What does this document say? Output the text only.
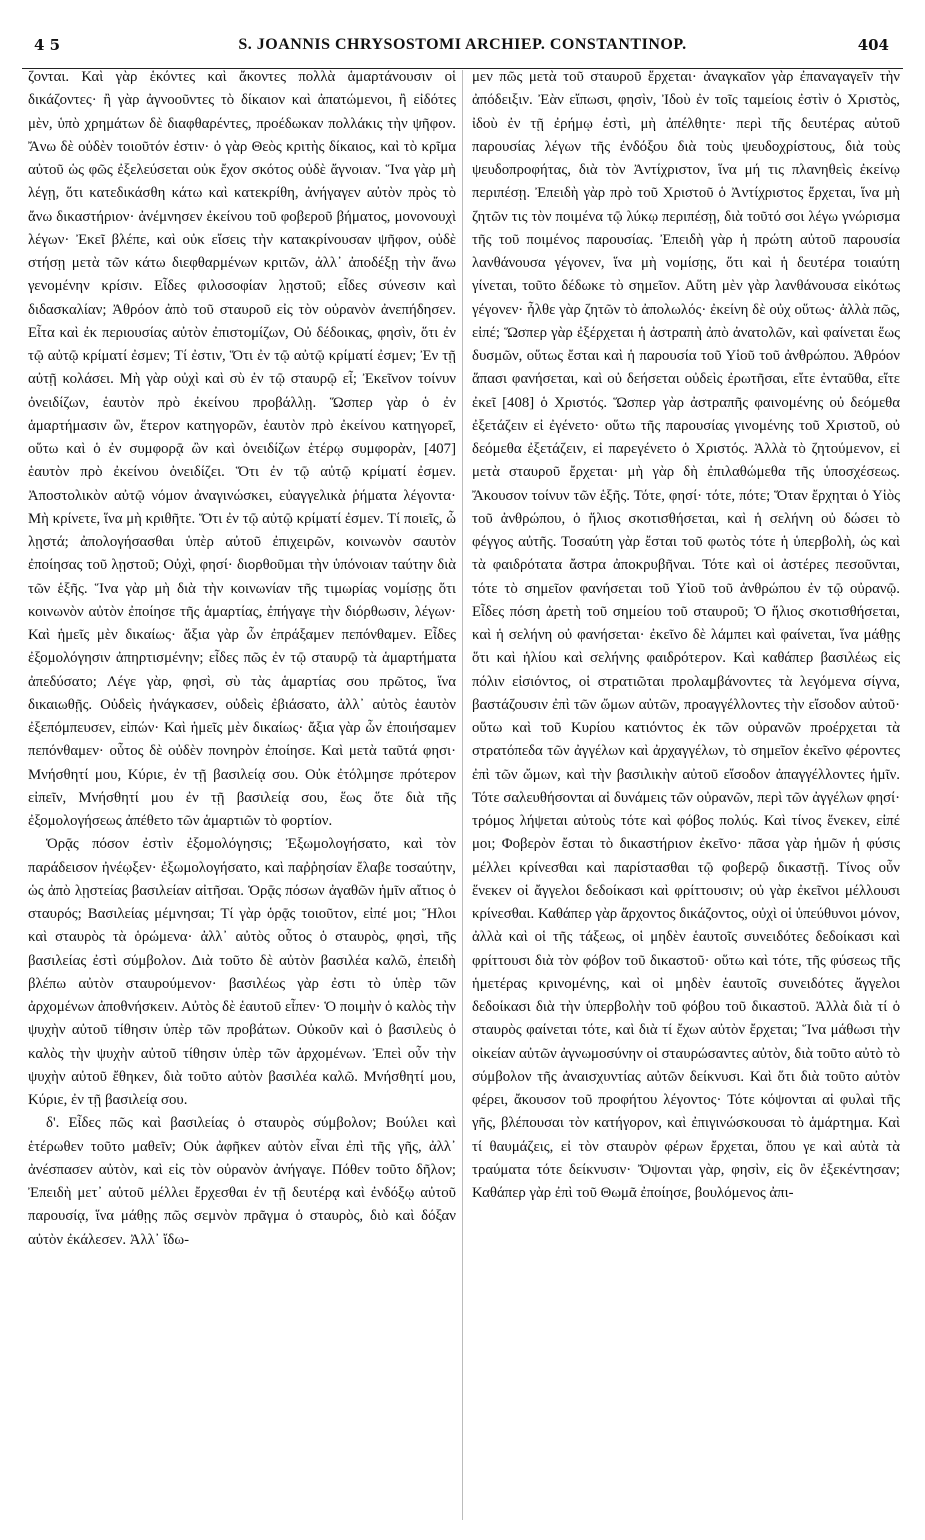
4 5	S. JOANNIS CHRYSOSTOMI ARCHIEP. CONSTANTINOP.	404

ζονται. Καὶ γὰρ ἑκόντες καὶ ἄκοντες πολλὰ ἁμαρτάνουσιν οἱ δικάζοντες· ἢ γὰρ ἀγνοοῦντες τὸ δίκαιον καὶ ἀπατώμενοι, ἢ εἰδότες μὲν, ὑπὸ χρημάτων δὲ διαφθαρέντες, προέδωκαν πολλάκις τὴν ψῆφον. Ἄνω δὲ οὐδὲν τοιοῦτόν ἐστιν· ὁ γὰρ Θεὸς κριτὴς δίκαιος, καὶ τὸ κρῖμα αὐτοῦ ὡς φῶς ἐξελεύσεται οὐκ ἔχον σκότος οὐδὲ ἄγνοιαν. Ἵνα γὰρ μὴ λέγῃ, ὅτι κατεδικάσθη κάτω καὶ κατεκρίθη, ἀνήγαγεν αὐτὸν πρὸς τὸ ἄνω δικαστήριον· ἀνέμνησεν ἐκείνου τοῦ φοβεροῦ βήματος, μονονουχὶ λέγων· Ἐκεῖ βλέπε, καὶ οὐκ εἴσεις τὴν κατακρίνουσαν ψῆφον, οὐδὲ στήσῃ μετὰ τῶν κάτω διεφθαρμένων κριτῶν, ἀλλ᾽ ἀποδέξῃ τὴν ἄνω γενομένην κρίσιν. Εἶδες φιλοσοφίαν λῃστοῦ; εἶδες σύνεσιν καὶ διδασκαλίαν; Ἀθρόον ἀπὸ τοῦ σταυροῦ εἰς τὸν οὐρανὸν ἀνεπήδησεν. Εἶτα καὶ ἐκ περιουσίας αὐτὸν ἐπιστομίζων, Οὐ δέδοικας, φησὶν, ὅτι ἐν τῷ αὐτῷ κρίματί ἐσμεν; Τί ἐστιν, Ὅτι ἐν τῷ αὐτῷ κρίματί ἐσμεν; Ἐν τῇ αὐτῇ κολάσει. Μὴ γὰρ οὐχὶ καὶ σὺ ἐν τῷ σταυρῷ εἶ; Ἐκεῖνον τοίνυν ὀνειδίζων, ἑαυτὸν πρὸ ἐκείνου προβάλλῃ. Ὥσπερ γὰρ ὁ ἐν ἁμαρτήμασιν ὢν, ἕτερον κατηγορῶν, ἑαυτὸν πρὸ ἐκείνου κατηγορεῖ, οὕτω καὶ ὁ ἐν συμφορᾷ ὢν καὶ ὀνειδίζων ἑτέρῳ συμφορὰν, [407] ἑαυτὸν πρὸ ἐκείνου ὀνειδίζει. Ὅτι ἐν τῷ αὐτῷ κρίματί ἐσμεν. Ἀποστολικὸν αὐτῷ νόμον ἀναγινώσκει, εὐαγγελικὰ ῥήματα λέγοντα· Μὴ κρίνετε, ἵνα μὴ κριθῆτε. Ὅτι ἐν τῷ αὐτῷ κρίματί ἐσμεν. Τί ποιεῖς, ὦ λῃστά; ἀπολογήσασθαι ὑπὲρ αὐτοῦ ἐπιχειρῶν, κοινωνὸν σαυτὸν ἐποίησας τοῦ λῃστοῦ; Οὐχὶ, φησί· διορθοῦμαι τὴν ὑπόνοιαν ταύτην διὰ τῶν ἑξῆς. Ἵνα γὰρ μὴ διὰ τὴν κοινωνίαν τῆς τιμωρίας νομίσῃς ὅτι κοινωνὸν αὐτὸν ἐποίησε τῆς ἁμαρτίας, ἐπήγαγε τὴν διόρθωσιν, λέγων· Καὶ ἡμεῖς μὲν δικαίως· ἄξια γὰρ ὧν ἐπράξαμεν πεπόνθαμεν. Εἶδες ἐξομολόγησιν ἀπηρτισμένην; εἶδες πῶς ἐν τῷ σταυρῷ τὰ ἁμαρτήματα ἀπεδύσατο; Λέγε γὰρ, φησὶ, σὺ τὰς ἁμαρτίας σου πρῶτος, ἵνα δικαιωθῇς. Οὐδεὶς ἠνάγκασεν, οὐδεὶς ἐβιάσατο, ἀλλ᾽ αὐτὸς ἑαυτὸν ἐξεπόμπευσεν, εἰπών· Καὶ ἡμεῖς μὲν δικαίως· ἄξια γὰρ ὧν ἐποιήσαμεν πεπόνθαμεν· οὗτος δὲ οὐδὲν πονηρὸν ἐποίησε. Καὶ μετὰ ταῦτά φησι· Μνήσθητί μου, Κύριε, ἐν τῇ βασιλείᾳ σου. Οὐκ ἐτόλμησε πρότερον εἰπεῖν, Μνήσθητί μου ἐν τῇ βασιλείᾳ σου, ἕως ὅτε διὰ τῆς ἐξομολογήσεως ἀπέθετο τῶν ἁμαρτιῶν τὸ φορτίον.

Ὁρᾷς πόσον ἐστὶν ἐξομολόγησις; Ἐξωμολογήσατο, καὶ τὸν παράδεισον ἠνέῳξεν· ἐξωμολογήσατο, καὶ παῤῥησίαν ἔλαβε τοσαύτην, ὡς ἀπὸ λῃστείας βασιλείαν αἰτῆσαι. Ὁρᾷς πόσων ἀγαθῶν ἡμῖν αἴτιος ὁ σταυρός; Βασιλείας μέμνησαι; Τί γὰρ ὁρᾷς τοιοῦτον, εἰπέ μοι; Ἥλοι καὶ σταυρὸς τὰ ὁρώμενα· ἀλλ᾽ αὐτὸς οὗτος ὁ σταυρὸς, φησὶ, τῆς βασιλείας ἐστὶ σύμβολον. Διὰ τοῦτο δὲ αὐτὸν βασιλέα καλῶ, ἐπειδὴ βλέπω αὐτὸν σταυρούμενον· βασιλέως γὰρ ἐστι τὸ ὑπὲρ τῶν ἀρχομένων ἀποθνήσκειν. Αὐτὸς δὲ ἑαυτοῦ εἶπεν· Ὁ ποιμὴν ὁ καλὸς τὴν ψυχὴν αὐτοῦ τίθησιν ὑπὲρ τῶν προβάτων. Οὐκοῦν καὶ ὁ βασιλεὺς ὁ καλὸς τὴν ψυχὴν αὐτοῦ τίθησιν ὑπὲρ τῶν ἀρχομένων. Ἐπεὶ οὖν τὴν ψυχὴν αὐτοῦ ἔθηκεν, διὰ τοῦτο αὐτὸν βασιλέα καλῶ. Μνήσθητί μου, Κύριε, ἐν τῇ βασιλείᾳ σου.

δ'. Εἶδες πῶς καὶ βασιλείας ὁ σταυρὸς σύμβολον; Βούλει καὶ ἑτέρωθεν τοῦτο μαθεῖν; Οὐκ ἀφῆκεν αὐτὸν εἶναι ἐπὶ τῆς γῆς, ἀλλ᾽ ἀνέσπασεν αὐτὸν, καὶ εἰς τὸν οὐρανὸν ἀνήγαγε. Πόθεν τοῦτο δῆλον; Ἐπειδὴ μετ᾽ αὐτοῦ μέλλει ἔρχεσθαι ἐν τῇ δευτέρᾳ καὶ ἐνδόξῳ αὐτοῦ παρουσίᾳ, ἵνα μάθῃς πῶς σεμνὸν πρᾶγμα ὁ σταυρὸς, διὸ καὶ δόξαν αὐτὸν ἐκάλεσεν. Ἀλλ᾽ ἴδω-

μεν πῶς μετὰ τοῦ σταυροῦ ἔρχεται· ἀναγκαῖον γὰρ ἐπαναγαγεῖν τὴν ἀπόδειξιν. Ἐὰν εἴπωσι, φησὶν, Ἰδοὺ ἐν τοῖς ταμείοις ἐστὶν ὁ Χριστὸς, ἰδοὺ ἐν τῇ ἐρήμῳ ἐστὶ, μὴ ἀπέλθητε· περὶ τῆς δευτέρας αὐτοῦ παρουσίας λέγων τῆς ἐνδόξου διὰ τοὺς ψευδοχρίστους, διὰ τοὺς ψευδοπροφήτας, διὰ τὸν Ἀντίχριστον, ἵνα μή τις πλανηθεὶς ἐκείνῳ περιπέσῃ. Ἐπειδὴ γὰρ πρὸ τοῦ Χριστοῦ ὁ Ἀντίχριστος ἔρχεται, ἵνα μὴ ζητῶν τις τὸν ποιμένα τῷ λύκῳ περιπέσῃ, διὰ τοῦτό σοι λέγω γνώρισμα τῆς τοῦ ποιμένος παρουσίας. Ἐπειδὴ γὰρ ἡ πρώτη αὐτοῦ παρουσία λανθάνουσα γέγονεν, ἵνα μὴ νομίσῃς, ὅτι καὶ ἡ δευτέρα τοιαύτη γίνεται, τοῦτο δέδωκε τὸ σημεῖον. Αὕτη μὲν γὰρ λανθάνουσα εἰκότως γέγονεν· ἦλθε γὰρ ζητῶν τὸ ἀπολωλός· ἐκείνη δὲ οὐχ οὕτως· ἀλλὰ πῶς, εἰπέ; Ὥσπερ γὰρ ἐξέρχεται ἡ ἀστραπὴ ἀπὸ ἀνατολῶν, καὶ φαίνεται ἕως δυσμῶν, οὕτως ἔσται καὶ ἡ παρουσία τοῦ Υἱοῦ τοῦ ἀνθρώπου. Ἀθρόον ἅπασι φανήσεται, καὶ οὐ δεήσεται οὐδεὶς ἐρωτῆσαι, εἴτε ἐνταῦθα, εἴτε ἐκεῖ [408] ὁ Χριστός. Ὥσπερ γὰρ ἀστραπῆς φαινομένης οὐ δεόμεθα ἐξετάζειν εἰ ἐγένετο· οὕτω τῆς παρουσίας γινομένης τοῦ Χριστοῦ, οὐ δεόμεθα ἐξετάζειν, εἰ παρεγένετο ὁ Χριστός. Ἀλλὰ τὸ ζητούμενον, εἰ μετὰ σταυροῦ ἔρχεται· μὴ γὰρ δὴ ἐπιλαθώμεθα τῆς ὑποσχέσεως. Ἄκουσον τοίνυν τῶν ἑξῆς. Τότε, φησί· τότε, πότε; Ὅταν ἔρχηται ὁ Υἱὸς τοῦ ἀνθρώπου, ὁ ἥλιος σκοτισθήσεται, καὶ ἡ σελήνη οὐ δώσει τὸ φέγγος αὐτῆς. Τοσαύτη γὰρ ἔσται τοῦ φωτὸς τότε ἡ ὑπερβολὴ, ὡς καὶ τὰ φαιδρότατα ἄστρα ἀποκρυβῆναι. Τότε καὶ οἱ ἀστέρες πεσοῦνται, τότε τὸ σημεῖον φανήσεται τοῦ Υἱοῦ τοῦ ἀνθρώπου ἐν τῷ οὐρανῷ. Εἶδες πόση ἀρετὴ τοῦ σημείου τοῦ σταυροῦ; Ὁ ἥλιος σκοτισθήσεται, καὶ ἡ σελήνη οὐ φανήσεται· ἐκεῖνο δὲ λάμπει καὶ φαίνεται, ἵνα μάθῃς ὅτι καὶ ἡλίου καὶ σελήνης φαιδρότερον. Καὶ καθάπερ βασιλέως εἰς πόλιν εἰσιόντος, οἱ στρατιῶται προλαμβάνοντες τὰ λεγόμενα σίγνα, βαστάζουσιν ἐπὶ τῶν ὤμων αὐτῶν, προαγγέλλοντες τὴν εἴσοδον αὐτοῦ· οὕτω καὶ τοῦ Κυρίου κατιόντος ἐκ τῶν οὐρανῶν προέρχεται τὰ στρατόπεδα τῶν ἀγγέλων καὶ ἀρχαγγέλων, τὸ σημεῖον ἐκεῖνο φέροντες ἐπὶ τῶν ὤμων, καὶ τὴν βασιλικὴν αὐτοῦ εἴσοδον ἀπαγγέλλοντες ἡμῖν. Τότε σαλευθήσονται αἱ δυνάμεις τῶν οὐρανῶν, περὶ τῶν ἀγγέλων φησί· τρόμος λήψεται αὐτοὺς τότε καὶ φόβος πολύς. Καὶ τίνος ἕνεκεν, εἰπέ μοι; Φοβερὸν ἔσται τὸ δικαστήριον ἐκεῖνο· πᾶσα γὰρ ἡμῶν ἡ φύσις μέλλει κρίνεσθαι καὶ παρίστασθαι τῷ φοβερῷ δικαστῇ. Τίνος οὖν ἕνεκεν οἱ ἄγγελοι δεδοίκασι καὶ φρίττουσιν; οὐ γὰρ ἐκεῖνοι μέλλουσι κρίνεσθαι. Καθάπερ γὰρ ἄρχοντος δικάζοντος, οὐχὶ οἱ ὑπεύθυνοι μόνον, ἀλλὰ καὶ οἱ τῆς τάξεως, οἱ μηδὲν ἑαυτοῖς συνειδότες δεδοίκασι καὶ φρίττουσι διὰ τὸν φόβον τοῦ δικαστοῦ· οὕτω καὶ τότε, τῆς φύσεως τῆς ἡμετέρας κρινομένης, καὶ οἱ μηδὲν ἑαυτοῖς συνειδότες ἄγγελοι δεδοίκασι διὰ τὴν ὑπερβολὴν τοῦ φόβου τοῦ δικαστοῦ. Ἀλλὰ διὰ τί ὁ σταυρὸς φαίνεται τότε, καὶ διὰ τί ἔχων αὐτὸν ἔρχεται; Ἵνα μάθωσι τὴν οἰκείαν αὐτῶν ἀγνωμοσύνην οἱ σταυρώσαντες αὐτὸν, διὰ τοῦτο αὐτὸ τὸ σύμβολον τῆς ἀναισχυντίας αὐτῶν δείκνυσι. Καὶ ὅτι διὰ τοῦτο αὐτὸν φέρει, ἄκουσον τοῦ προφήτου λέγοντος· Τότε κόψονται αἱ φυλαὶ τῆς γῆς, βλέπουσαι τὸν κατήγορον, καὶ ἐπιγινώσκουσαι τὸ ἁμάρτημα. Καὶ τί θαυμάζεις, εἰ τὸν σταυρὸν φέρων ἔρχεται, ὅπου γε καὶ αὐτὰ τὰ τραύματα τότε δείκνυσιν· Ὄψονται γὰρ, φησὶν, εἰς ὃν ἐξεκέντησαν; Καθάπερ γὰρ ἐπὶ τοῦ Θωμᾶ ἐποίησε, βουλόμενος ἀπι-
